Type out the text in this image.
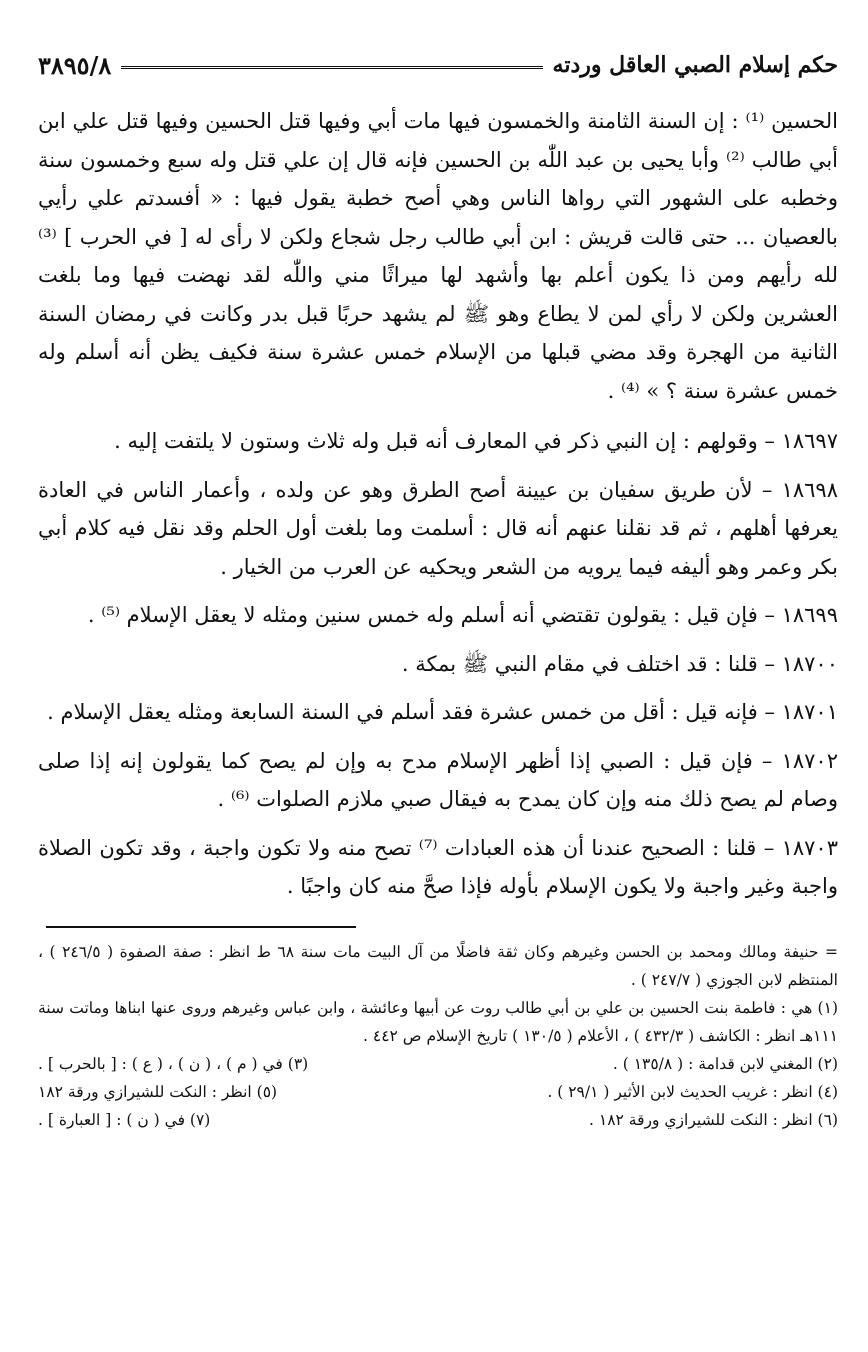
حكم إسلام الصبي العاقل وردته
٣٨٩٥/٨

الحسين ⁽¹⁾ : إن السنة الثامنة والخمسون فيها مات أبي وفيها قتل الحسين وفيها قتل علي ابن أبي طالب ⁽²⁾ وأبا يحيى بن عبد اللّٰه بن الحسين فإنه قال إن علي قتل وله سبع وخمسون سنة وخطبه على الشهور التي رواها الناس وهي أصح خطبة يقول فيها : « أفسدتم علي رأيي بالعصيان ... حتى قالت قريش : ابن أبي طالب رجل شجاع ولكن لا رأى له [ في الحرب ] ⁽³⁾ لله رأيهم ومن ذا يكون أعلم بها وأشهد لها ميراثًا مني واللّٰه لقد نهضت فيها وما بلغت العشرين ولكن لا رأي لمن لا يطاع وهو ﷺ لم يشهد حربًا قبل بدر وكانت في رمضان السنة الثانية من الهجرة وقد مضي قبلها من الإسلام خمس عشرة سنة فكيف يظن أنه أسلم وله خمس عشرة سنة ؟ » ⁽⁴⁾ .

١٨٦٩٧ – وقولهم : إن النبي ذكر في المعارف أنه قبل وله ثلاث وستون لا يلتفت إليه .

١٨٦٩٨ – لأن طريق سفيان بن عيينة أصح الطرق وهو عن ولده ، وأعمار الناس في العادة يعرفها أهلهم ، ثم قد نقلنا عنهم أنه قال : أسلمت وما بلغت أول الحلم وقد نقل فيه كلام أبي بكر وعمر وهو أليفه فيما يرويه من الشعر ويحكيه عن العرب من الخيار .

١٨٦٩٩ – فإن قيل : يقولون تقتضي أنه أسلم وله خمس سنين ومثله لا يعقل الإسلام ⁽⁵⁾ .

١٨٧٠٠ – قلنا : قد اختلف في مقام النبي ﷺ بمكة .

١٨٧٠١ – فإنه قيل : أقل من خمس عشرة فقد أسلم في السنة السابعة ومثله يعقل الإسلام .

١٨٧٠٢ – فإن قيل : الصبي إذا أظهر الإسلام مدح به وإن لم يصح كما يقولون إنه إذا صلى وصام لم يصح ذلك منه وإن كان يمدح به فيقال صبي ملازم الصلوات ⁽⁶⁾ .

١٨٧٠٣ – قلنا : الصحيح عندنا أن هذه العبادات ⁽⁷⁾ تصح منه ولا تكون واجبة ، وقد تكون الصلاة واجبة وغير واجبة ولا يكون الإسلام بأوله فإذا صحَّ منه كان واجبًا .

= حنيفة ومالك ومحمد بن الحسن وغيرهم وكان ثقة فاضلًا من آل البيت مات سنة ٦٨ ط انظر : صفة الصفوة ( ٢٤٦/٥ ) ، المنتظم لابن الجوزي ( ٢٤٧/٧ ) .

(١) هي : فاطمة بنت الحسين بن علي بن أبي طالب روت عن أبيها وعائشة ، وابن عباس وغيرهم وروى عنها ابناها وماتت سنة ١١١هـ انظر : الكاشف ( ٤٣٢/٣ ) ، الأعلام ( ١٣٠/٥ ) تاريخ الإسلام ص ٤٤٢ .

(٢) المغني لابن قدامة : ( ١٣٥/٨ ) .
(٣) في ( م ) ، ( ن ) ، ( ع ) : [ بالحرب ] .
(٤) انظر : غريب الحديث لابن الأثير ( ٢٩/١ ) .
(٥) انظر : النكت للشيرازي ورقة ١٨٢
(٦) انظر : النكت للشيرازي ورقة ١٨٢ .
(٧) في ( ن ) : [ العبارة ] .
